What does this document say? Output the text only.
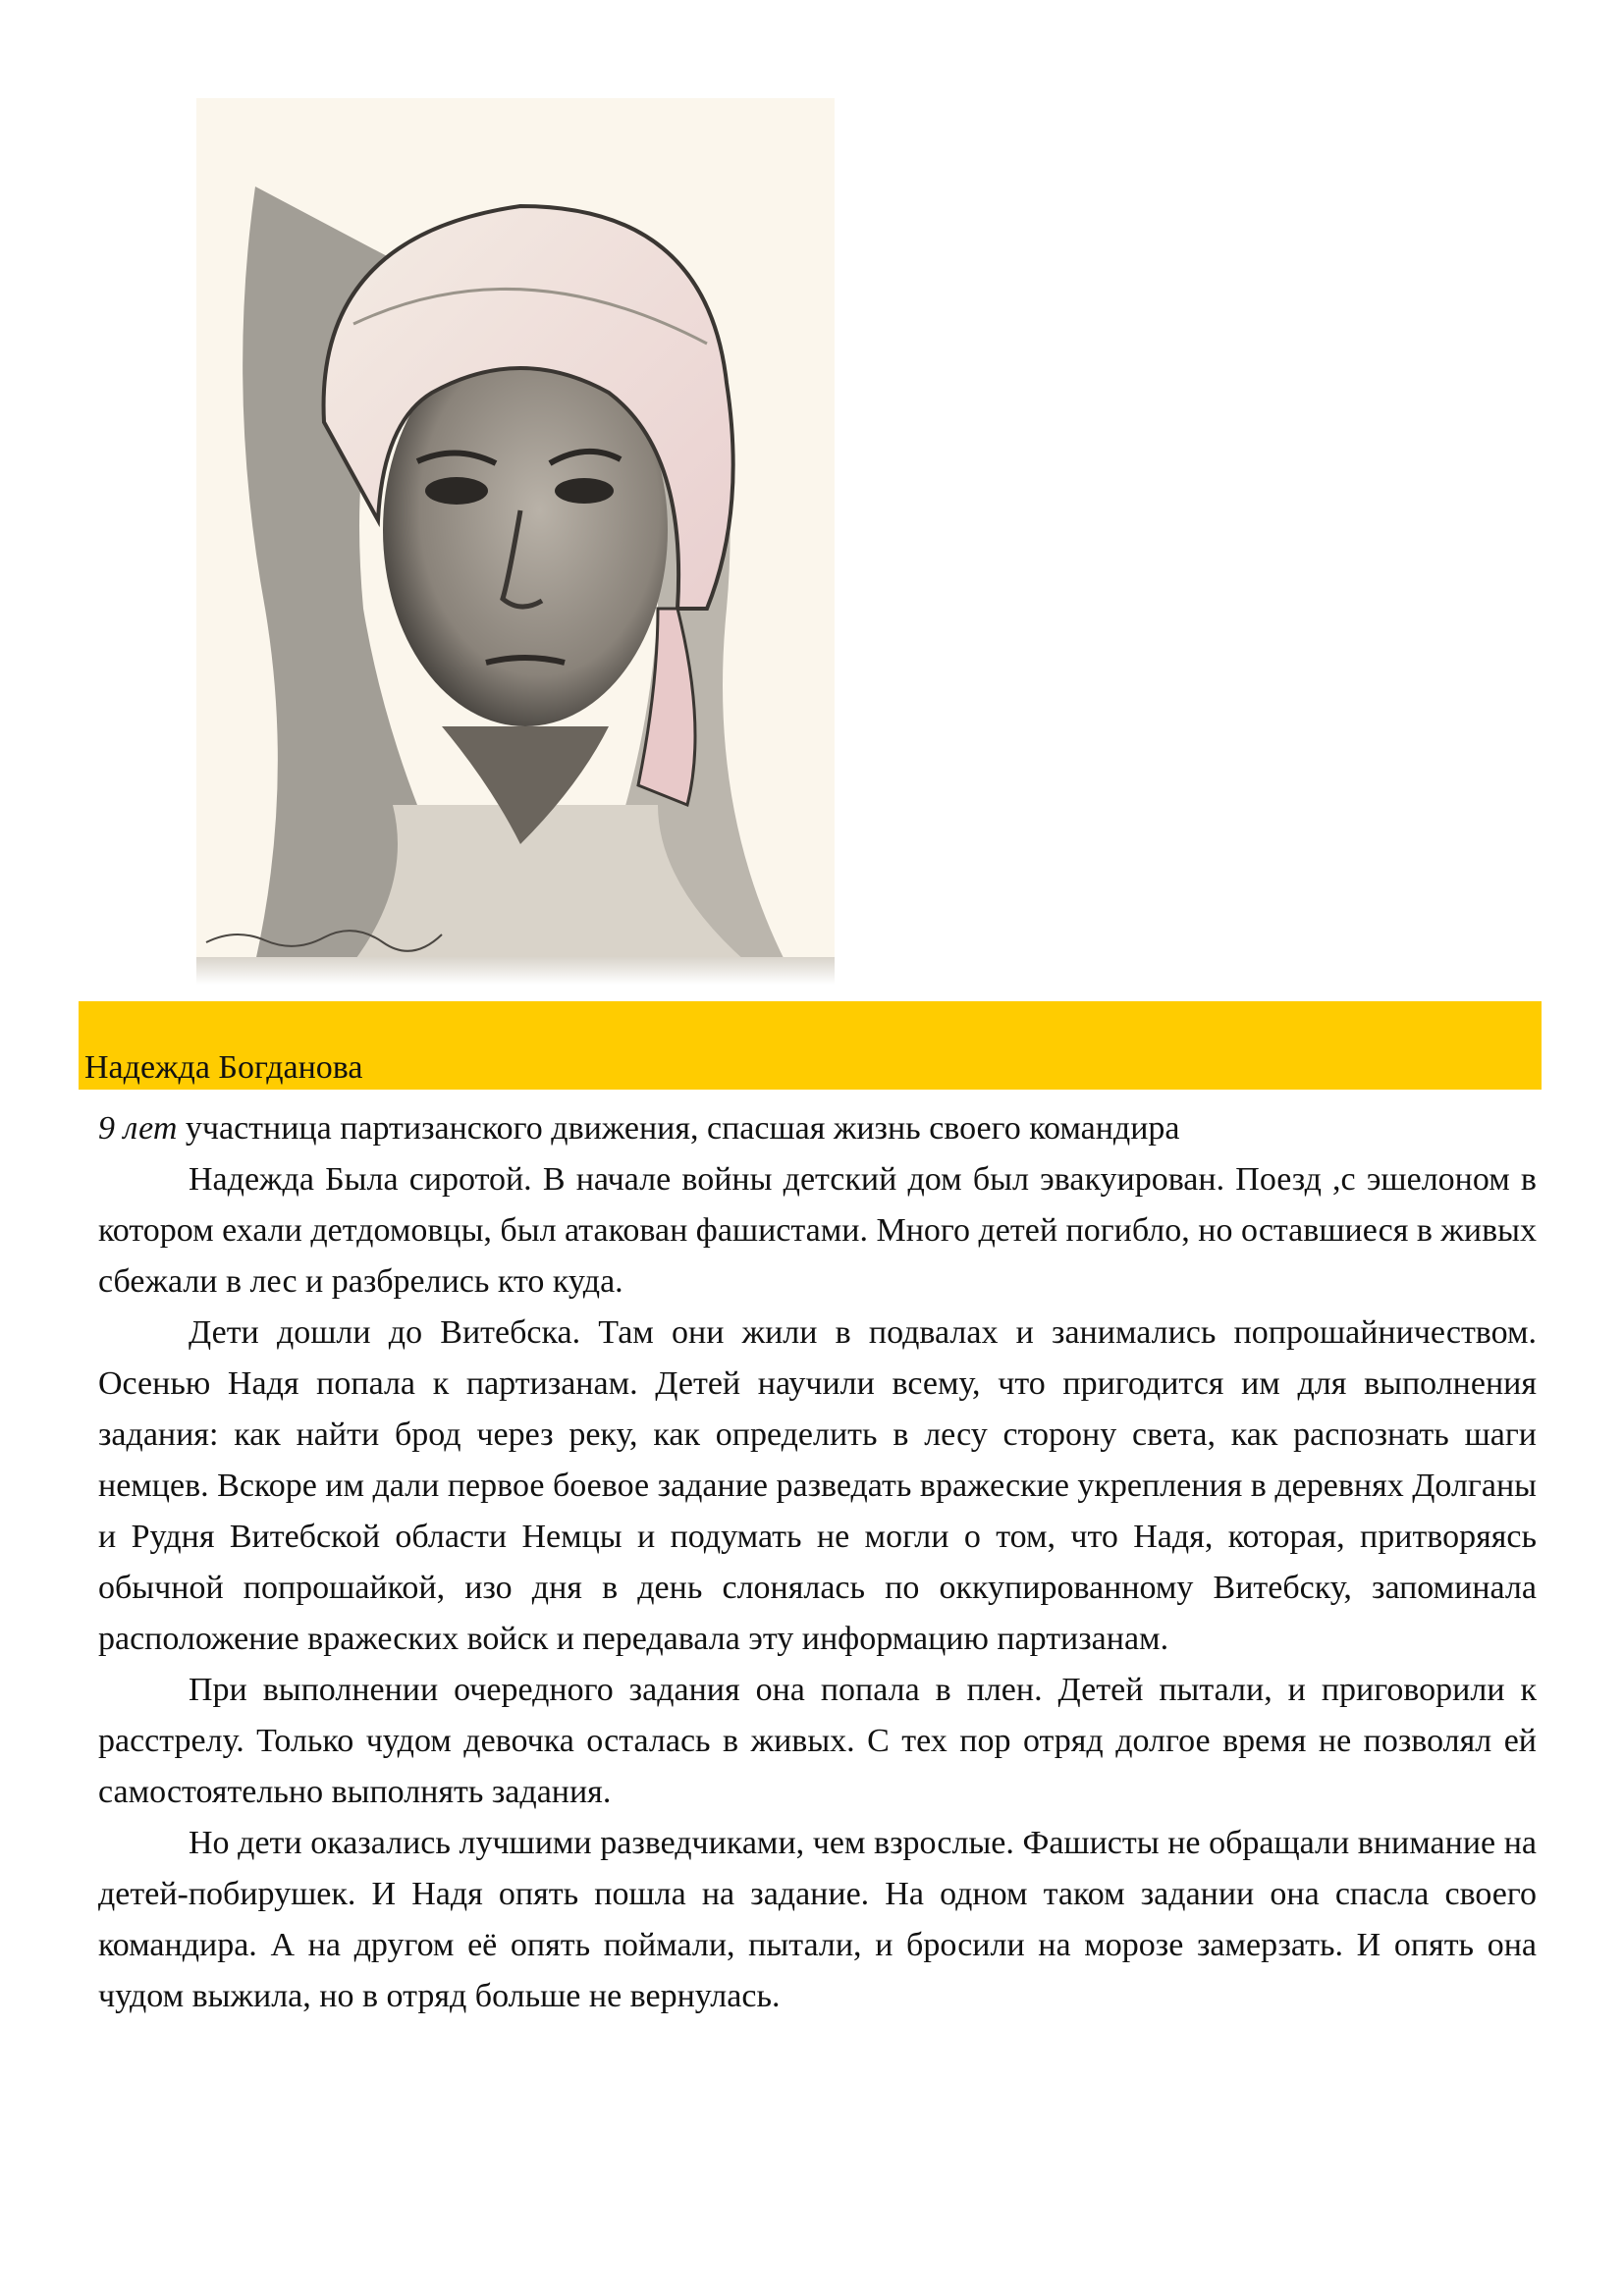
Надежда Богданова

9 лет участница партизанского движения, спасшая жизнь своего командира

Надежда Была сиротой. В начале войны детский дом был эвакуирован. Поезд ,с эшелоном в котором ехали детдомовцы, был атакован фашистами. Много детей погибло, но оставшиеся в живых сбежали в лес и разбрелись кто куда.

Дети дошли до Витебска. Там они жили в подвалах и занимались попрошайничеством. Осенью Надя попала к партизанам. Детей научили всему, что пригодится им для выполнения задания: как найти брод через реку, как определить в лесу сторону света, как распознать шаги немцев. Вскоре им дали первое боевое задание разведать вражеские укрепления в деревнях Долганы и Рудня Витебской области Немцы и подумать не могли о том, что Надя, которая, притворяясь обычной попрошайкой, изо дня в день слонялась по оккупированному Витебску, запоминала расположение вражеских войск и передавала эту информацию партизанам.

При выполнении очередного задания она попала в плен. Детей пытали, и приговорили к расстрелу. Только чудом девочка осталась в живых. С тех пор отряд долгое время не позволял ей самостоятельно выполнять задания.

Но дети оказались лучшими разведчиками, чем взрослые. Фашисты не обращали внимание на детей-побирушек. И Надя опять пошла на задание. На одном таком задании она спасла своего командира. А на другом её опять поймали, пытали, и бросили на морозе замерзать. И опять она чудом выжила, но в отряд больше не вернулась.
